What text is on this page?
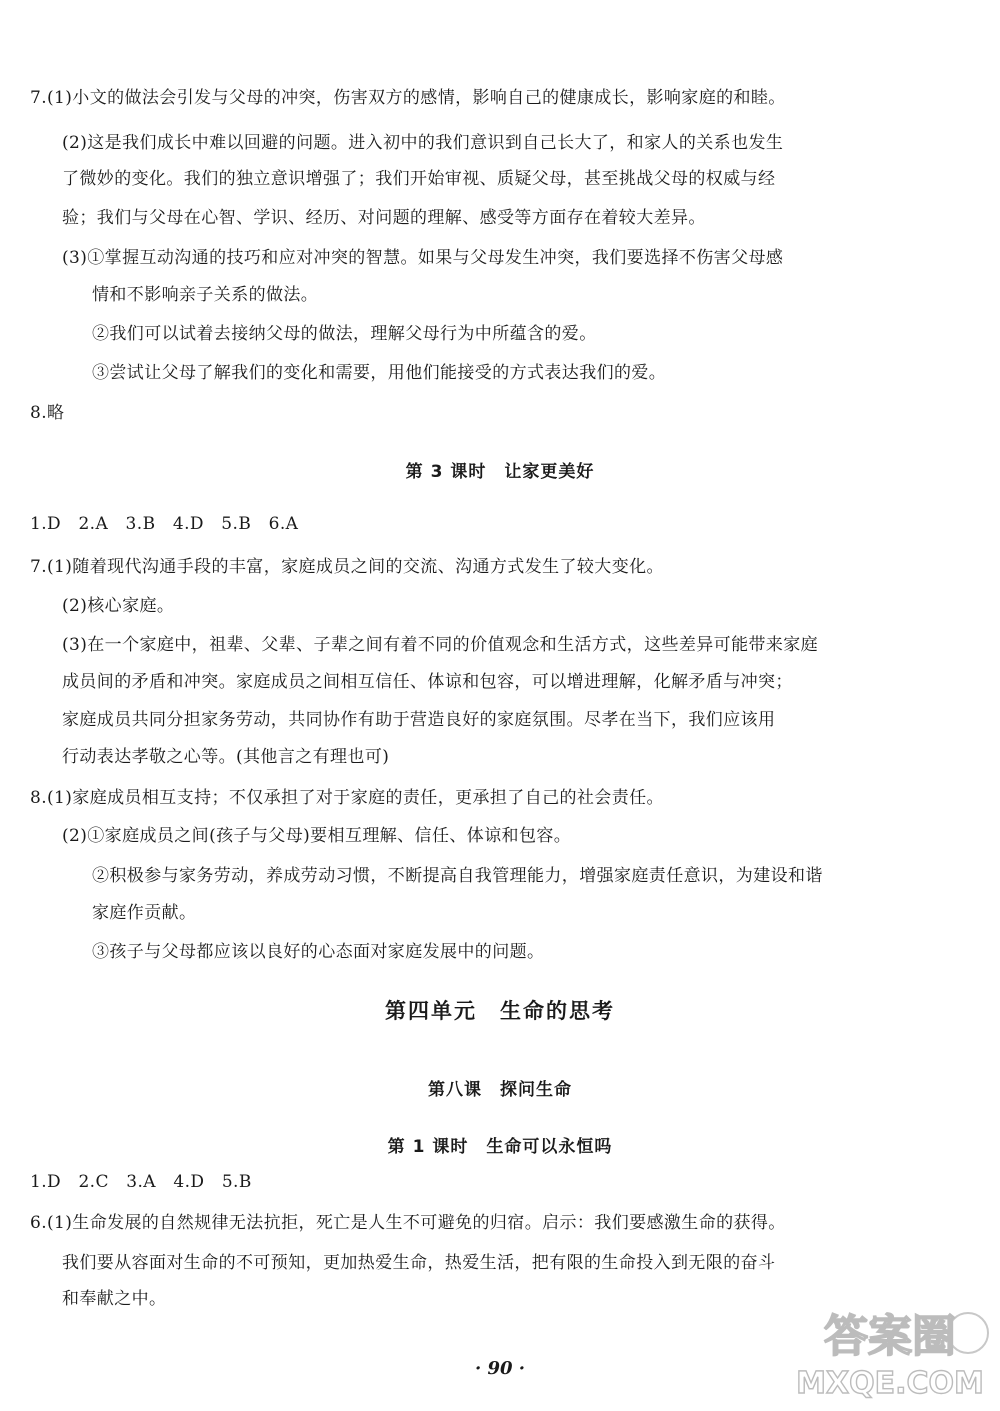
7.(1)小文的做法会引发与父母的冲突，伤害双方的感情，影响自己的健康成长，影响家庭的和睦。
(2)这是我们成长中难以回避的问题。进入初中的我们意识到自己长大了，和家人的关系也发生
了微妙的变化。我们的独立意识增强了；我们开始审视、质疑父母，甚至挑战父母的权威与经
验；我们与父母在心智、学识、经历、对问题的理解、感受等方面存在着较大差异。
(3)①掌握互动沟通的技巧和应对冲突的智慧。如果与父母发生冲突，我们要选择不伤害父母感
情和不影响亲子关系的做法。
②我们可以试着去接纳父母的做法，理解父母行为中所蕴含的爱。
③尝试让父母了解我们的变化和需要，用他们能接受的方式表达我们的爱。
8.略
第 3 课时　让家更美好
1.D　2.A　3.B　4.D　5.B　6.A
7.(1)随着现代沟通手段的丰富，家庭成员之间的交流、沟通方式发生了较大变化。
(2)核心家庭。
(3)在一个家庭中，祖辈、父辈、子辈之间有着不同的价值观念和生活方式，这些差异可能带来家庭
成员间的矛盾和冲突。家庭成员之间相互信任、体谅和包容，可以增进理解，化解矛盾与冲突；
家庭成员共同分担家务劳动，共同协作有助于营造良好的家庭氛围。尽孝在当下，我们应该用
行动表达孝敬之心等。(其他言之有理也可)
8.(1)家庭成员相互支持；不仅承担了对于家庭的责任，更承担了自己的社会责任。
(2)①家庭成员之间(孩子与父母)要相互理解、信任、体谅和包容。
②积极参与家务劳动，养成劳动习惯，不断提高自我管理能力，增强家庭责任意识，为建设和谐
家庭作贡献。
③孩子与父母都应该以良好的心态面对家庭发展中的问题。
第四单元　生命的思考
第八课　探问生命
第 1 课时　生命可以永恒吗
1.D　2.C　3.A　4.D　5.B
6.(1)生命发展的自然规律无法抗拒，死亡是人生不可避免的归宿。启示：我们要感激生命的获得。
我们要从容面对生命的不可预知，更加热爱生命，热爱生活，把有限的生命投入到无限的奋斗
和奉献之中。
· 90 ·
答案圈
MXQE.COM
